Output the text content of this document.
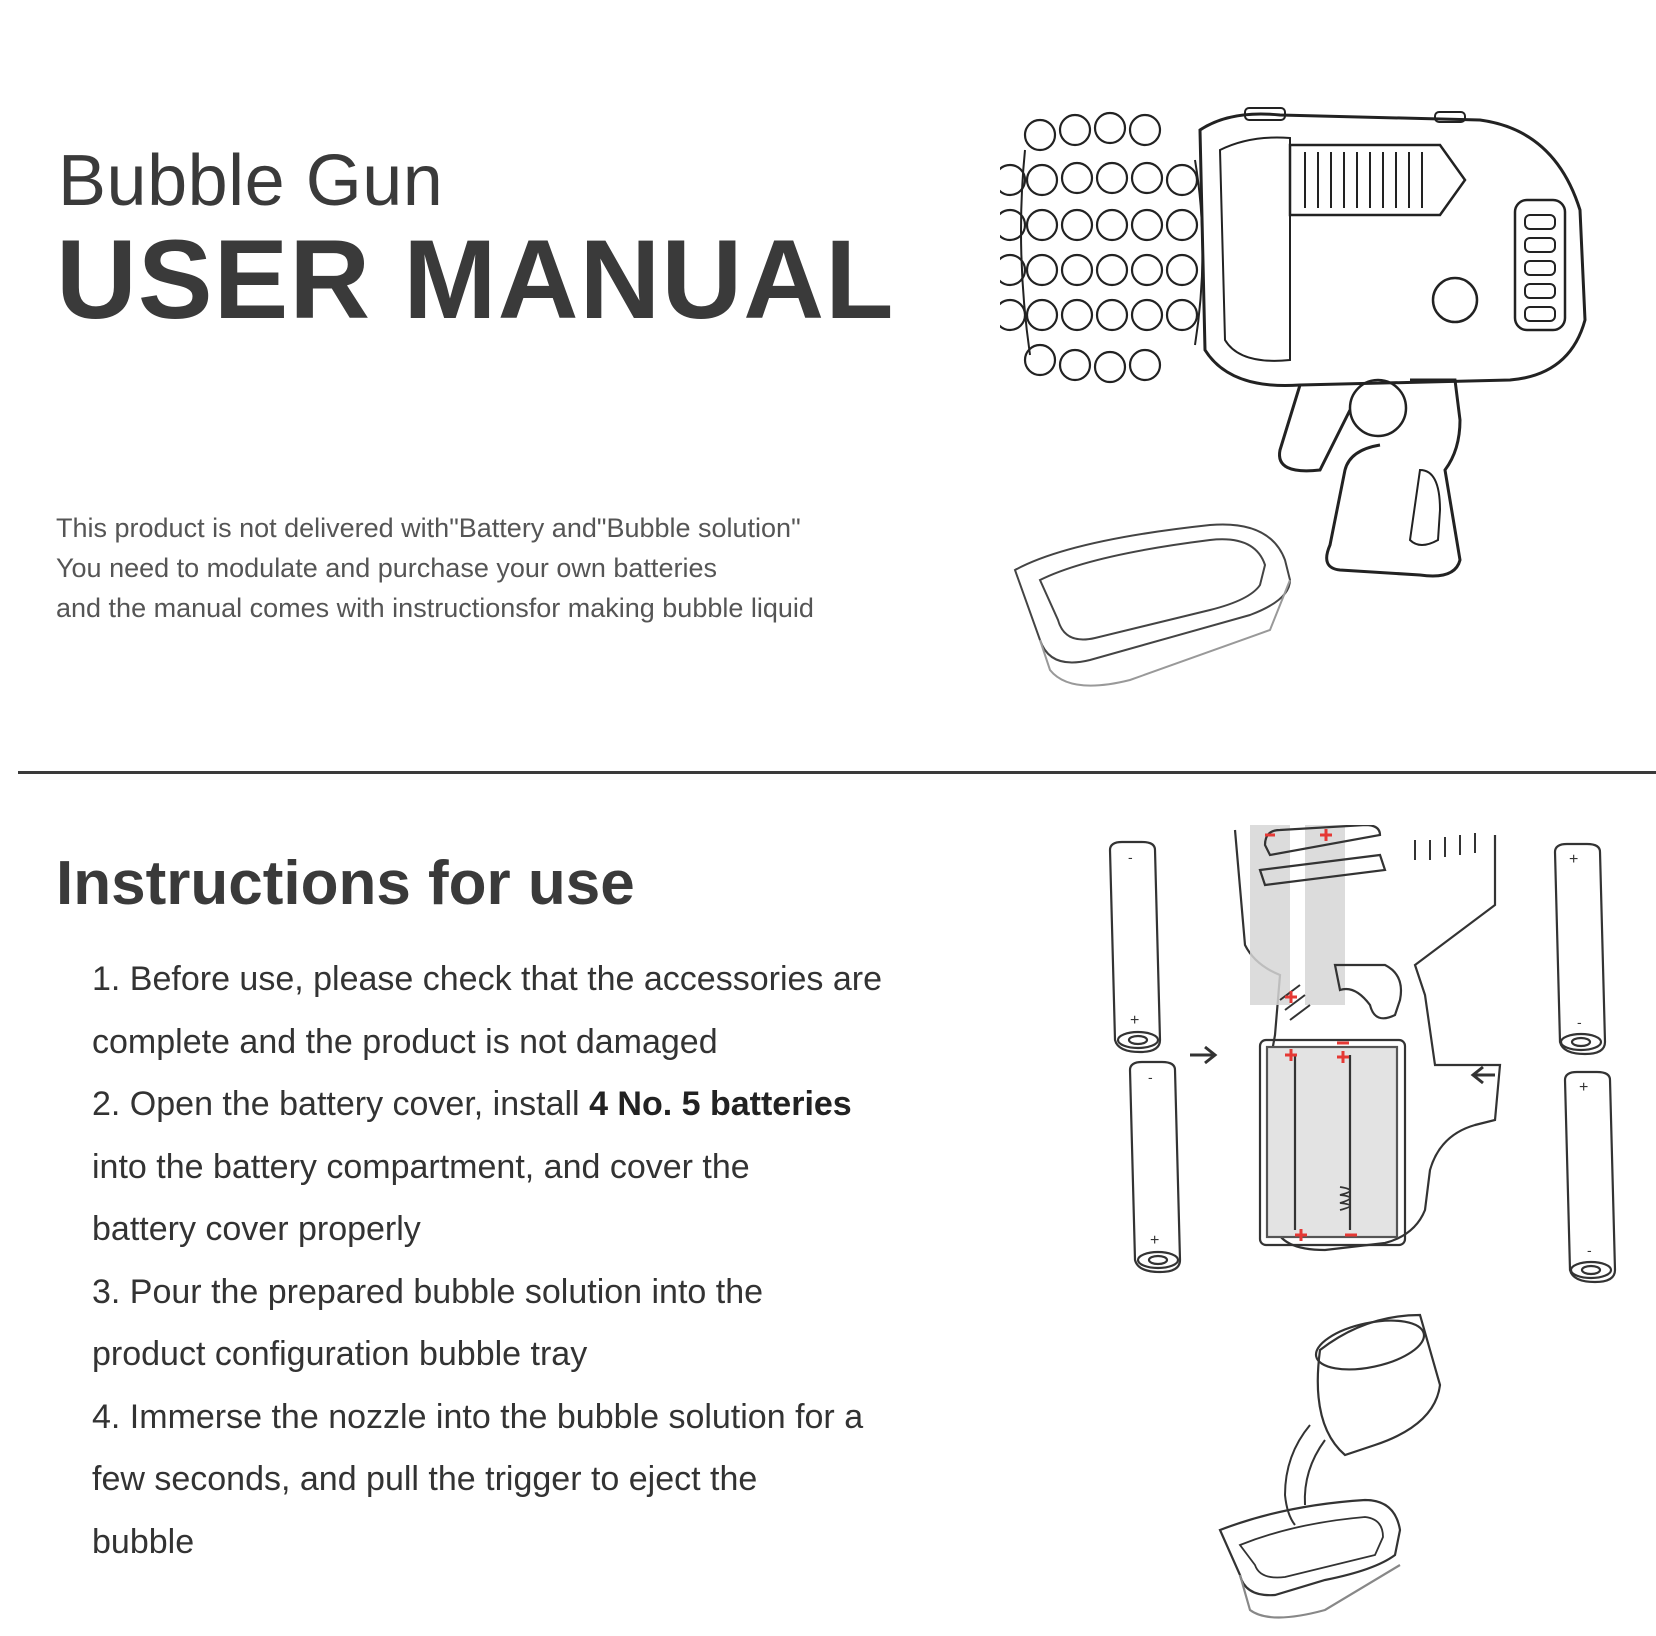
Bubble Gun
USER MANUAL
This product is not delivered with"Battery and"Bubble solution"
You need to modulate and purchase your own batteries
and the manual comes with instructionsfor making bubble liquid
Instructions for use
1. Before use, please check that the accessories are
complete and the product is not damaged
2. Open the battery cover, install 4 No. 5 batteries
into the battery compartment, and cover the
battery cover properly
3. Pour the prepared bubble solution into the
product configuration bubble tray
4. Immerse the nozzle into the bubble solution for a
few seconds, and pull the trigger to eject the
bubble
-
+
-
+
+
-
+
-
